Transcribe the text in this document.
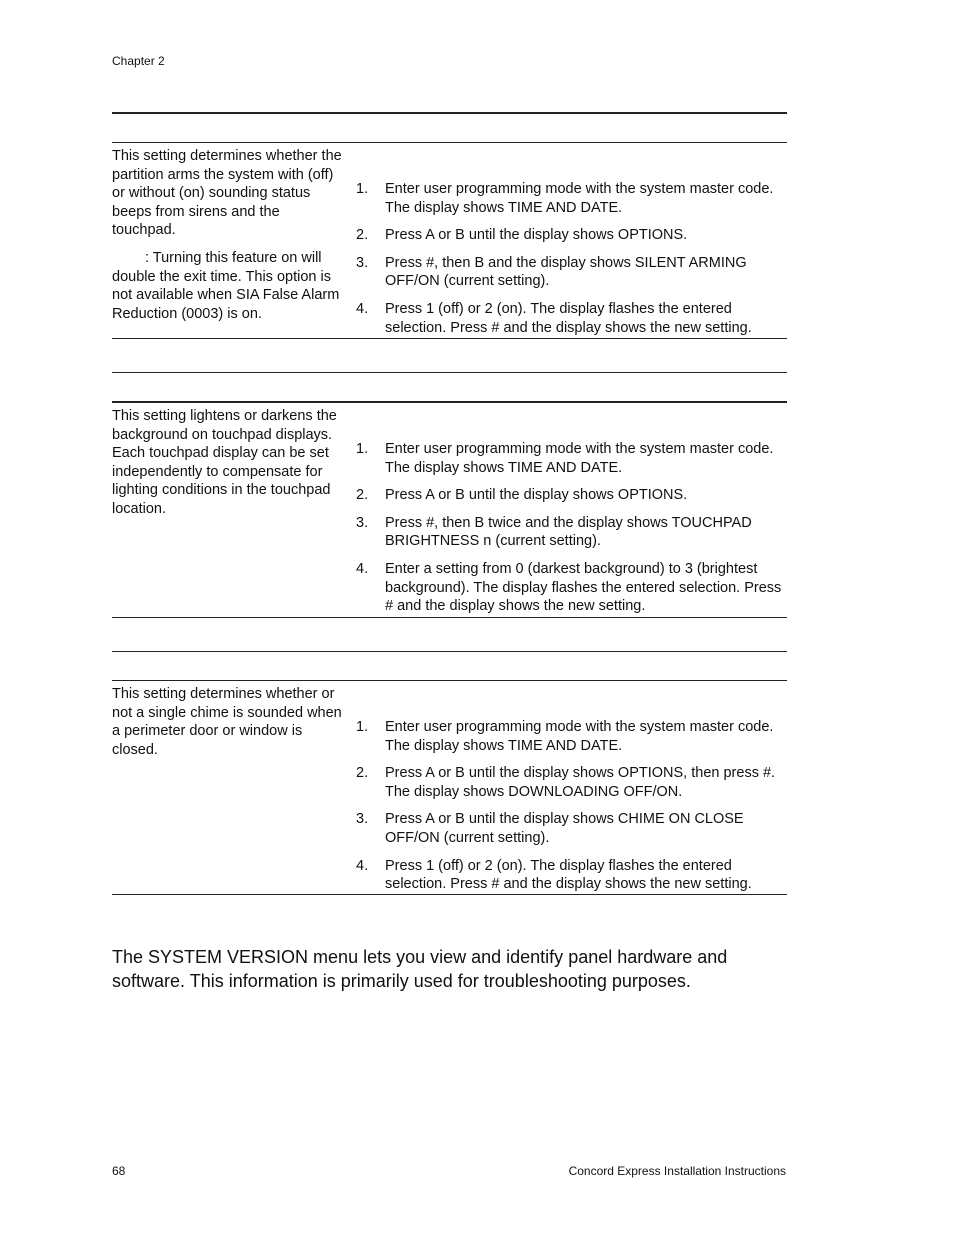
Chapter 2

This setting determines whether the partition arms the system with (off) or without (on) sounding status beeps from sirens and the touchpad.

: Turning this feature on will double the exit time. This option is not available when SIA False Alarm Reduction (0003) is on.

1. Enter user programming mode with the system master code. The display shows TIME AND DATE.
2. Press A or B until the display shows OPTIONS.
3. Press #, then B and the display shows SILENT ARMING OFF/ON (current setting).
4. Press 1 (off) or 2 (on). The display flashes the entered selection. Press # and the display shows the new setting.

This setting lightens or darkens the background on touchpad displays. Each touchpad display can be set independently to compensate for lighting conditions in the touchpad location.

1. Enter user programming mode with the system master code. The display shows TIME AND DATE.
2. Press A or B until the display shows OPTIONS.
3. Press #, then B twice and the display shows TOUCHPAD BRIGHTNESS n (current setting).
4. Enter a setting from 0 (darkest background) to 3 (brightest background). The display flashes the entered selection. Press # and the display shows the new setting.

This setting determines whether or not a single chime is sounded when a perimeter door or window is closed.

1. Enter user programming mode with the system master code. The display shows TIME AND DATE.
2. Press A or B until the display shows OPTIONS, then press #. The display shows DOWNLOADING OFF/ON.
3. Press A or B until the display shows CHIME ON CLOSE OFF/ON (current setting).
4. Press 1 (off) or 2 (on). The display flashes the entered selection. Press # and the display shows the new setting.
The SYSTEM VERSION menu lets you view and identify panel hardware and software. This information is primarily used for troubleshooting purposes.
68	Concord Express Installation Instructions
